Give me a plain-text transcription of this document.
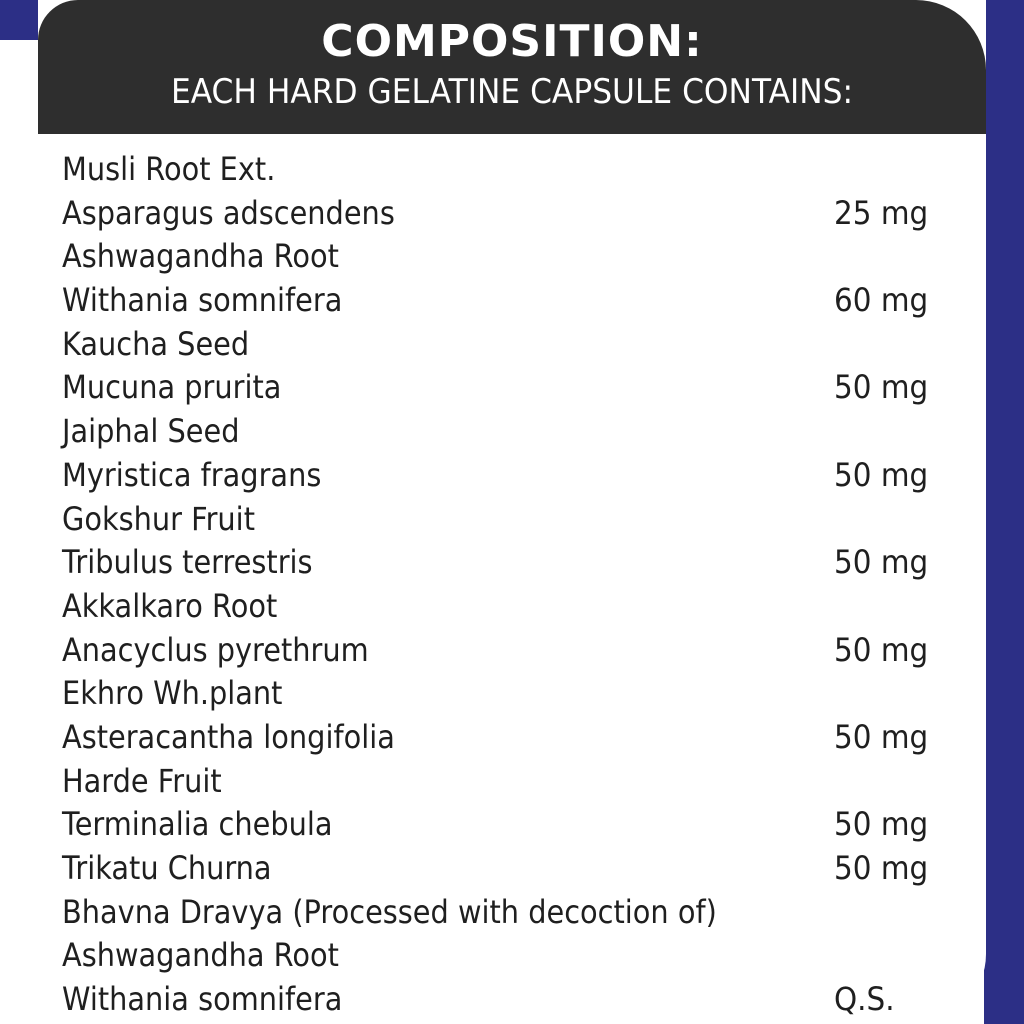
COMPOSITION:
EACH HARD GELATINE CAPSULE CONTAINS:
Musli Root Ext.
Asparagus adscendens	25 mg
Ashwagandha Root
Withania somnifera	60 mg
Kaucha Seed
Mucuna prurita	50 mg
Jaiphal Seed
Myristica fragrans	50 mg
Gokshur Fruit
Tribulus terrestris	50 mg
Akkalkaro Root
Anacyclus pyrethrum	50 mg
Ekhro Wh.plant
Asteracantha longifolia	50 mg
Harde Fruit
Terminalia chebula	50 mg
Trikatu Churna	50 mg
Bhavna Dravya (Processed with decoction of)
Ashwagandha Root
Withania somnifera	Q.S.
